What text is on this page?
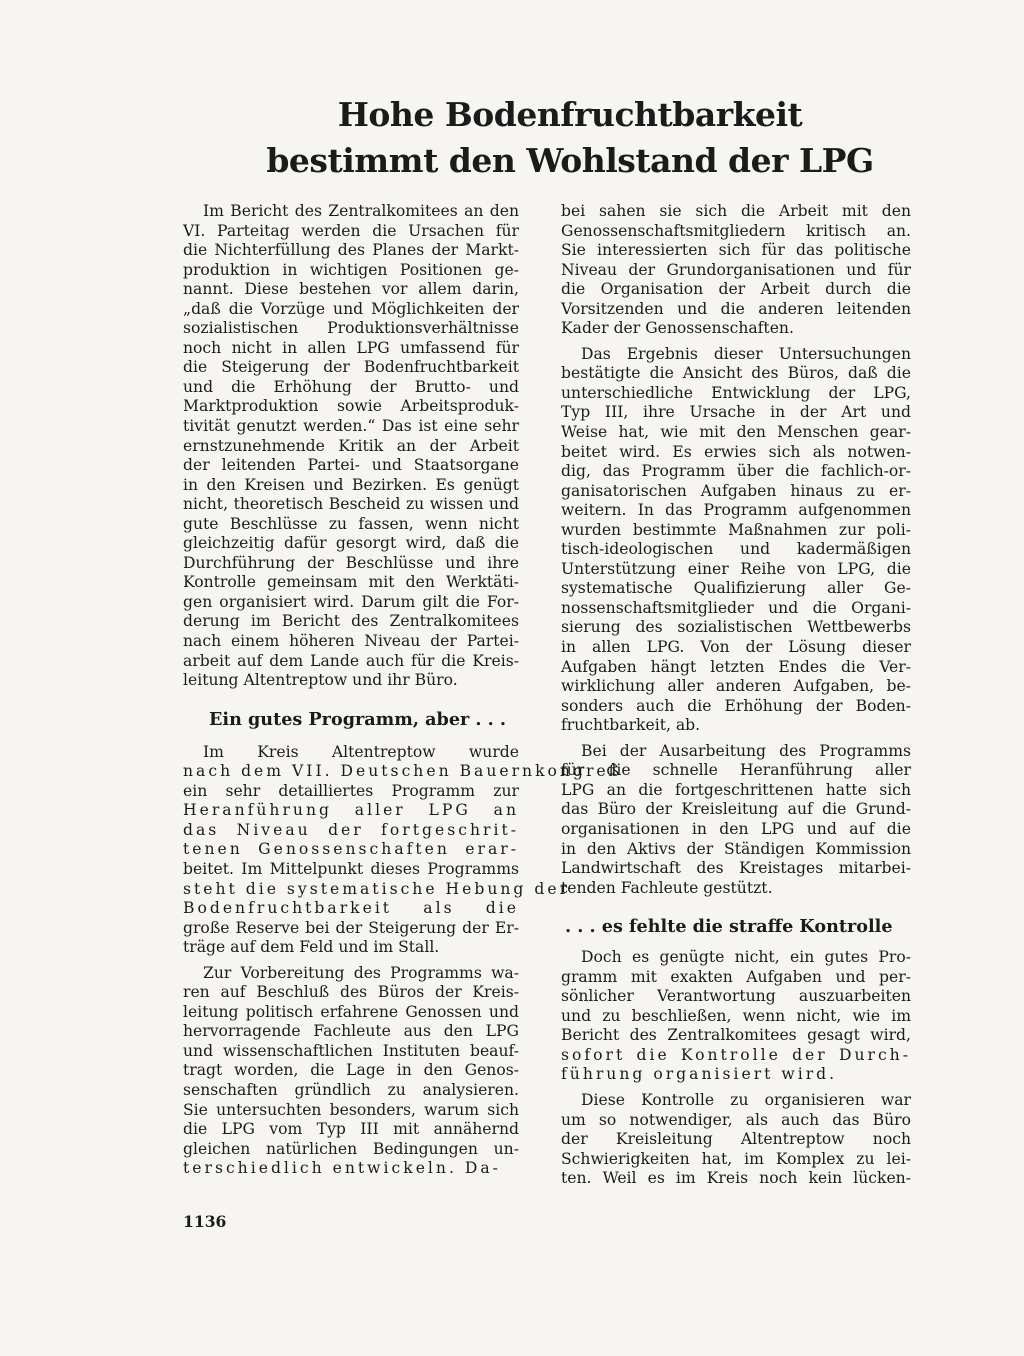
Hohe Bodenfruchtbarkeit
bestimmt den Wohlstand der LPG
Im Bericht des Zentralkomitees an den
VI. Parteitag werden die Ursachen für
die Nichterfüllung des Planes der Markt-
produktion in wichtigen Positionen ge-
nannt. Diese bestehen vor allem darin,
„daß die Vorzüge und Möglichkeiten der
sozialistischen Produktionsverhältnisse
noch nicht in allen LPG umfassend für
die Steigerung der Bodenfruchtbarkeit
und die Erhöhung der Brutto- und
Marktproduktion sowie Arbeitsproduk-
tivität genutzt werden.“ Das ist eine sehr
ernstzunehmende Kritik an der Arbeit
der leitenden Partei- und Staatsorgane
in den Kreisen und Bezirken. Es genügt
nicht, theoretisch Bescheid zu wissen und
gute Beschlüsse zu fassen, wenn nicht
gleichzeitig dafür gesorgt wird, daß die
Durchführung der Beschlüsse und ihre
Kontrolle gemeinsam mit den Werktäti-
gen organisiert wird. Darum gilt die For-
derung im Bericht des Zentralkomitees
nach einem höheren Niveau der Partei-
arbeit auf dem Lande auch für die Kreis-
leitung Altentreptow und ihr Büro.
Ein gutes Programm, aber . . .
Im Kreis Altentreptow wurde
nach dem VII. Deutschen Bauernkongreß
ein sehr detailliertes Programm zur
Heranführung aller LPG an
das Niveau der fortgeschrit-
tenen Genossenschaften erar-
beitet. Im Mittelpunkt dieses Programms
steht die systematische Hebung der
Bodenfruchtbarkeit als die
große Reserve bei der Steigerung der Er-
träge auf dem Feld und im Stall.
Zur Vorbereitung des Programms wa-
ren auf Beschluß des Büros der Kreis-
leitung politisch erfahrene Genossen und
hervorragende Fachleute aus den LPG
und wissenschaftlichen Instituten beauf-
tragt worden, die Lage in den Genos-
senschaften gründlich zu analysieren.
Sie untersuchten besonders, warum sich
die LPG vom Typ III mit annähernd
gleichen natürlichen Bedingungen un-
terschiedlich entwickeln. Da-
bei sahen sie sich die Arbeit mit den
Genossenschaftsmitgliedern kritisch an.
Sie interessierten sich für das politische
Niveau der Grundorganisationen und für
die Organisation der Arbeit durch die
Vorsitzenden und die anderen leitenden
Kader der Genossenschaften.
Das Ergebnis dieser Untersuchungen
bestätigte die Ansicht des Büros, daß die
unterschiedliche Entwicklung der LPG,
Typ III, ihre Ursache in der Art und
Weise hat, wie mit den Menschen gear-
beitet wird. Es erwies sich als notwen-
dig, das Programm über die fachlich-or-
ganisatorischen Aufgaben hinaus zu er-
weitern. In das Programm aufgenommen
wurden bestimmte Maßnahmen zur poli-
tisch-ideologischen und kadermäßigen
Unterstützung einer Reihe von LPG, die
systematische Qualifizierung aller Ge-
nossenschaftsmitglieder und die Organi-
sierung des sozialistischen Wettbewerbs
in allen LPG. Von der Lösung dieser
Aufgaben hängt letzten Endes die Ver-
wirklichung aller anderen Aufgaben, be-
sonders auch die Erhöhung der Boden-
fruchtbarkeit, ab.
Bei der Ausarbeitung des Programms
für die schnelle Heranführung aller
LPG an die fortgeschrittenen hatte sich
das Büro der Kreisleitung auf die Grund-
organisationen in den LPG und auf die
in den Aktivs der Ständigen Kommission
Landwirtschaft des Kreistages mitarbei-
tenden Fachleute gestützt.
. . . es fehlte die straffe Kontrolle
Doch es genügte nicht, ein gutes Pro-
gramm mit exakten Aufgaben und per-
sönlicher Verantwortung auszuarbeiten
und zu beschließen, wenn nicht, wie im
Bericht des Zentralkomitees gesagt wird,
sofort die Kontrolle der Durch-
führung organisiert wird.
Diese Kontrolle zu organisieren war
um so notwendiger, als auch das Büro
der Kreisleitung Altentreptow noch
Schwierigkeiten hat, im Komplex zu lei-
ten. Weil es im Kreis noch kein lücken-
1136
